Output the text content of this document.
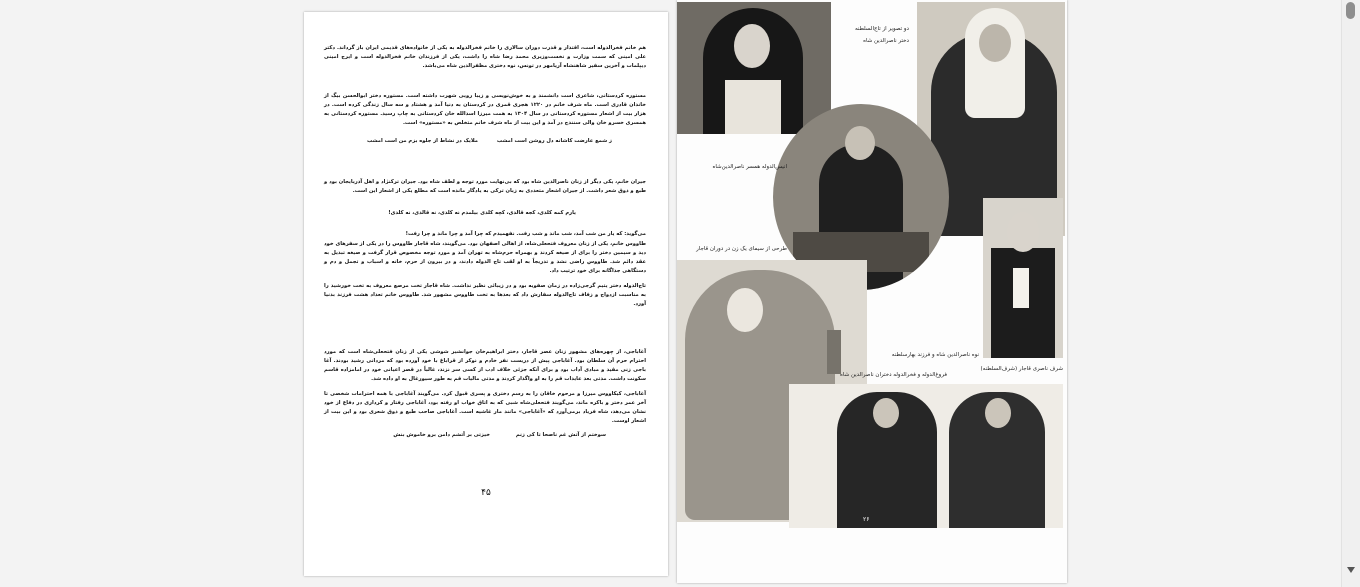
هم خانم فخرالدوله است، اقتدار و قدرت دوران سالاری را خانم فخرالدوله به یکی از خانواده‌های قدیمی ایران باز گرداند. دکتر علی امینی که سمت وزارت و نخست‌وزیری محمد رضا شاه را داشت، یکی از فرزندان خانم فخرالدوله است و ایرج امینی دیپلمات و آخرین سفیر شاهنشاه آریامهر در تونس، نوه دختری مظفرالدین شاه می‌باشد.
مستوره کردستانی، شاعری است دانشمند و به خوش‌نویسی و زیبا رویی شهرت داشته است. مستوره دختر ابوالحسن بیگ از خاندان قادری است. ماه شرف خانم در ۱۲۲۰ هجری قمری در کردستان به دنیا آمد و هشتاد و سه سال زندگی کرده است. در هزار بیت از اشعار مستوره کردستانی در سال ۱۳۰۴ به همت میرزا اسدالله خان کردستانی به چاپ رسید. مستوره کردستانی به همسری خسرو خان والی سنندج در آمد و این بیت از ماه شرف خانم متخلص به «مستوره» است.
ز شمع عارضت کاشانه دل روشن است امشب
ملایک در نشاط از جلوه بزم من است امشب
جیران خانم، یکی دیگر از زنان ناصرالدین شاه بود که بی‌نهایت مورد توجه و لطف شاه بود. جیران ترکنژاد و اهل آذربایجان بود و طبع و ذوق شعر داشت. از جیران اشعار متعددی به زبان ترکی به یادگار مانده است که مطلع یکی از اشعار این است.
یارم کمه کلدی، کجه قالدی، کچه کلدی
بیلمدم نه کلدی، نه قالدی، نه کلدی!
می‌گوید: که یار من شب آمد، شب ماند و شب رفت. نفهمیدم که چرا آمد و چرا ماند و چرا رفت!
طاووس خانم، یکی از زنان معروف فتحعلی‌شاه، از اهالی اصفهان بود. می‌گویند، شاه قاجار طاووس را در یکی از سفرهای خود دید و سیمین دختر را برای از صیغه کردند و بهمراه حرم‌شاه به تهران آمد و مورد توجه مخصوص قرار گرفت و صیغه تبدیل به عقد دائم شد. طاووس راضی نشد و تدریجاً به او لقب تاج الدوله دادند، و در بیرون از حرم، خانه و اسباب و تجمل و دم و دستگاهی جداگانه برای خود ترتیب داد.
تاج‌الدوله دختر یتیم گرجی‌زاده در زمان صفویه بود و در زیبائی نظیر نداشت. شاه قاجار تخت مرصع معروف به تخت خورشید را به مناسبت ازدواج و زفاف تاج‌الدوله سفارش داد که بعدها به تخت طاووس مشهور شد. طاووس خانم تعداد هشت فرزند بدنیا آورد.
آغاباجی، از چهره‌های مشهور زنان عصر قاجار، دختر ابراهیم‌خان جوانشیر شوشی یکی از زنان فتحعلی‌شاه است که مورد احترام حرم آن سلطان بود. آغاباجی پیش از دریست نفر خادم و نوکر از قراباغ با خود آورده بود که مردانی رشید بودند. آغا باجی زنی مقید و مبادی آداب بود و برای آنکه جزئی خلاف ادب از کسی سر نزند، غالباً در قصر اعیانی خود در امامزاده قاسم سکونت داشت. مدتی بعد عایدات قم را به او واگذار کردند و مدتی مالیات قم به طور سیورغال به او داده شد.
آغاباجی، کیکاووس میرزا و مرحوم خاقان را به رسم دختری و پسری قبول کرد. می‌گویند آغاباجی با همه احترامات شخصی تا آخر عمر دختر و باکره ماند، می‌گویند فتحعلی‌شاه شبی که به اتاق خواب او رفته بود، آغاباجی رفتار و کرداری در دفاع از خود نشان می‌دهد، شاه فریاد برمی‌آورد که «آغاباجی» مانند مار غاشیه است. آغاباجی صاحب طبع و ذوق شعری بود و این بیت از اشعار اوست.
سوختم از آتش غم ناصحا تا کی زنم
خیزتی بر آتشم دامن برو خاموش بنش
۴۵
دو تصویر از تاج‌السلطنه
دختر ناصرالدین شاه
انیس‌الدوله همسر ناصرالدین‌شاه
طرحی از سیمای یک زن در دوران قاجار
نوه ناصرالدین شاه و فرزند بهارسلطنه
شرف ناصری قاجار (شرف‌السلطنه)
فروغ‌الدوله و فخرالدوله دختران ناصرالدین شاه
۲۶
